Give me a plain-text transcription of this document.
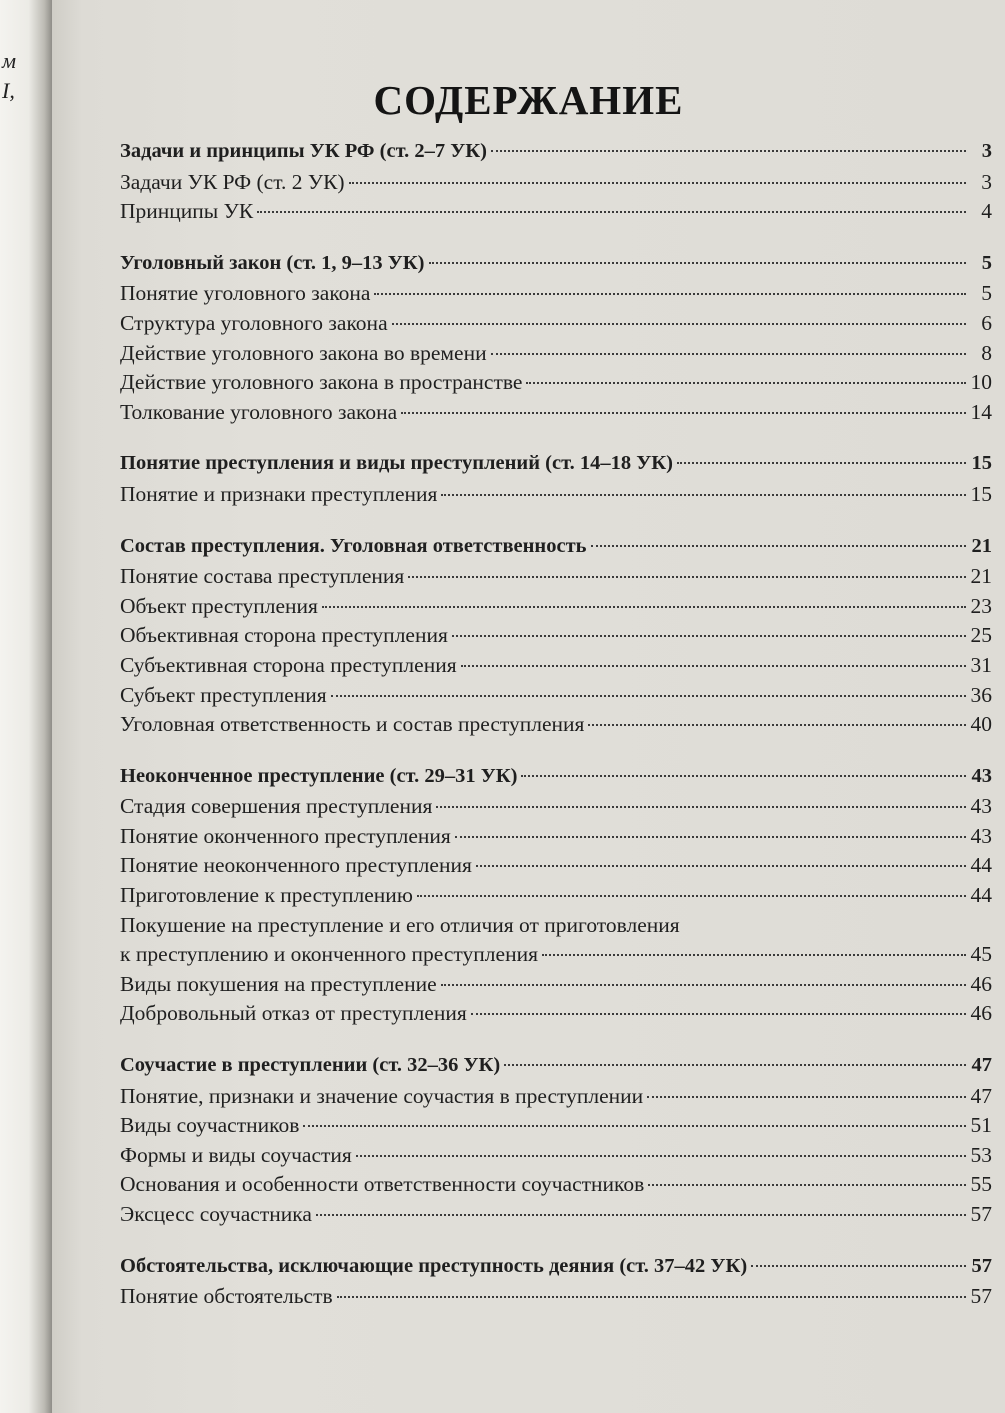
м
I,	СОДЕРЖАНИЕ
Задачи и принципы УК РФ (ст. 2–7 УК)	3
Задачи УК РФ (ст. 2 УК)	3
Принципы УК	4
Уголовный закон (ст. 1, 9–13 УК)	5
Понятие уголовного закона	5
Структура уголовного закона	6
Действие уголовного закона во времени	8
Действие уголовного закона в пространстве	10
Толкование уголовного закона	14
Понятие преступления и виды преступлений (ст. 14–18 УК)	15
Понятие и признаки преступления	15
Состав преступления. Уголовная ответственность	21
Понятие состава преступления	21
Объект преступления	23
Объективная сторона преступления	25
Субъективная сторона преступления	31
Субъект преступления	36
Уголовная ответственность и состав преступления	40
Неоконченное преступление (ст. 29–31 УК)	43
Стадия совершения преступления	43
Понятие оконченного преступления	43
Понятие неоконченного преступления	44
Приготовление к преступлению	44
Покушение на преступление и его отличия от приготовления
к преступлению и оконченного преступления	45
Виды покушения на преступление	46
Добровольный отказ от преступления	46
Соучастие в преступлении (ст. 32–36 УК)	47
Понятие, признаки и значение соучастия в преступлении	47
Виды соучастников	51
Формы и виды соучастия	53
Основания и особенности ответственности соучастников	55
Эксцесс соучастника	57
Обстоятельства, исключающие преступность деяния (ст. 37–42 УК)	57
Понятие обстоятельств	57
